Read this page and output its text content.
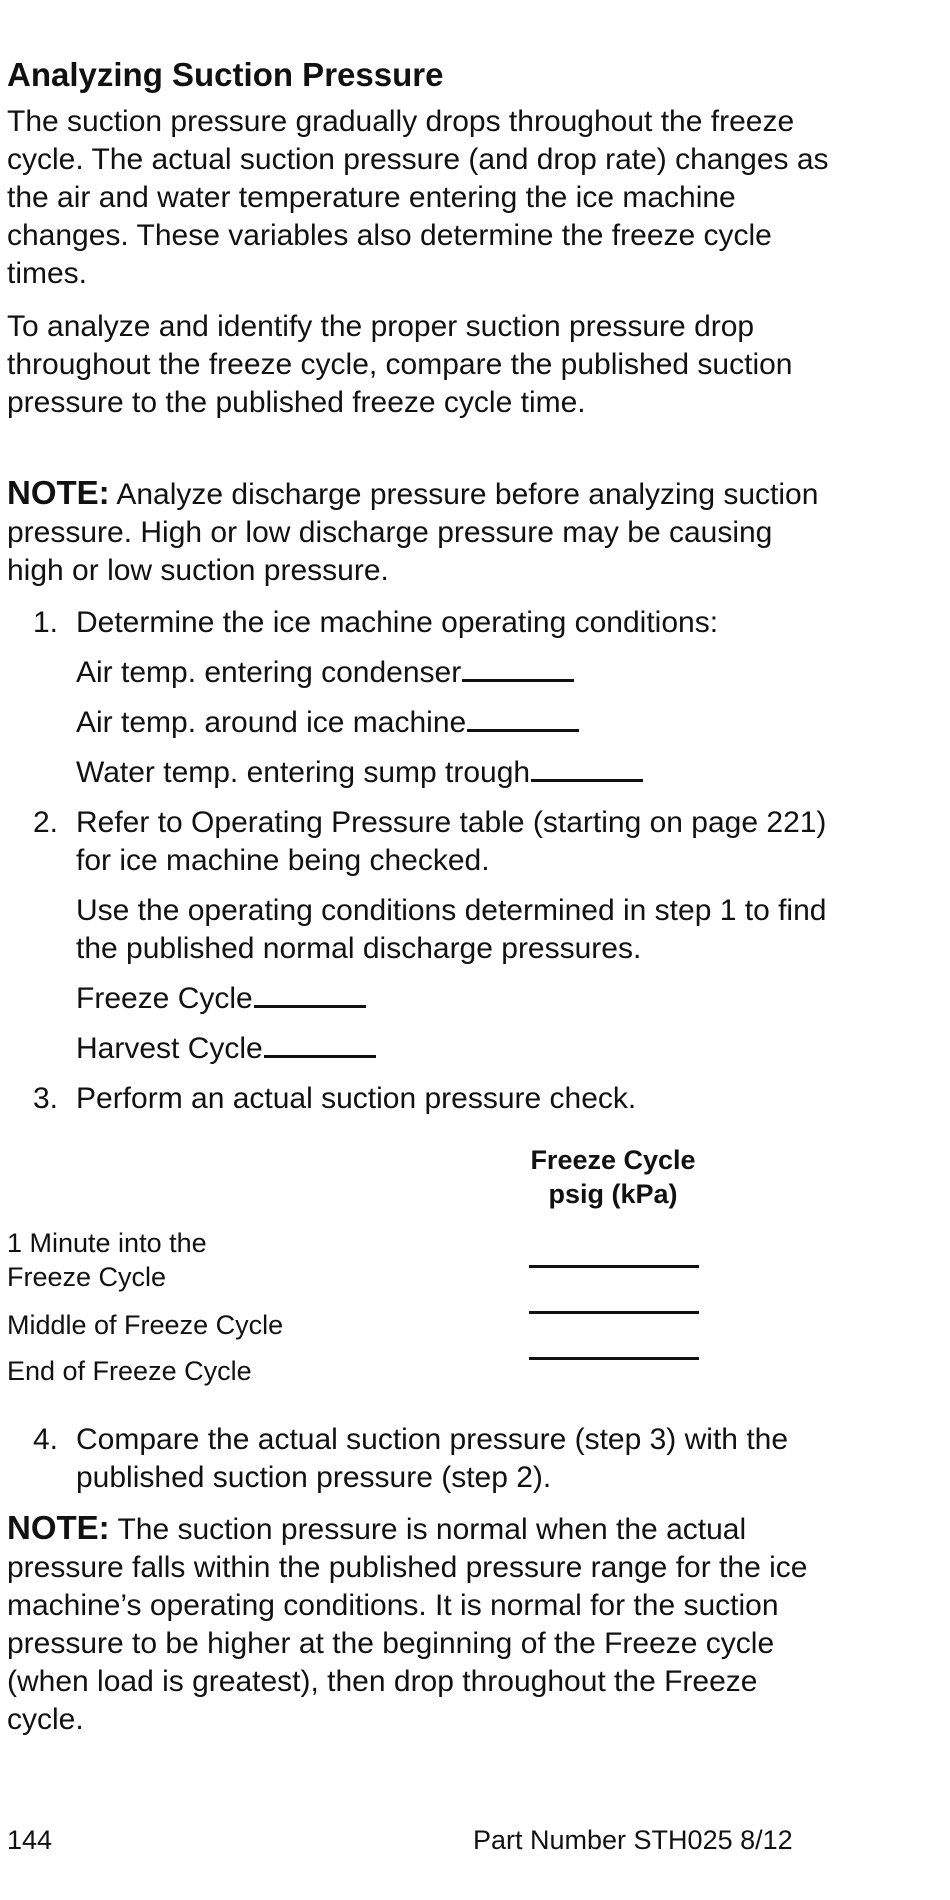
Analyzing Suction Pressure

The suction pressure gradually drops throughout the freeze cycle. The actual suction pressure (and drop rate) changes as the air and water temperature entering the ice machine changes. These variables also determine the freeze cycle times.

To analyze and identify the proper suction pressure drop throughout the freeze cycle, compare the published suction pressure to the published freeze cycle time.

NOTE: Analyze discharge pressure before analyzing suction pressure. High or low discharge pressure may be causing high or low suction pressure.

1. Determine the ice machine operating conditions:
Air temp. entering condenser
Air temp. around ice machine
Water temp. entering sump trough
2. Refer to Operating Pressure table (starting on page 221) for ice machine being checked.
Use the operating conditions determined in step 1 to find the published normal discharge pressures.
Freeze Cycle
Harvest Cycle
3. Perform an actual suction pressure check.
Freeze Cycle
psig (kPa)
1 Minute into the
Freeze Cycle
Middle of Freeze Cycle
End of Freeze Cycle
4. Compare the actual suction pressure (step 3) with the published suction pressure (step 2).

NOTE: The suction pressure is normal when the actual pressure falls within the published pressure range for the ice machine’s operating conditions. It is normal for the suction pressure to be higher at the beginning of the Freeze cycle (when load is greatest), then drop throughout the Freeze cycle.

144	Part Number STH025 8/12
